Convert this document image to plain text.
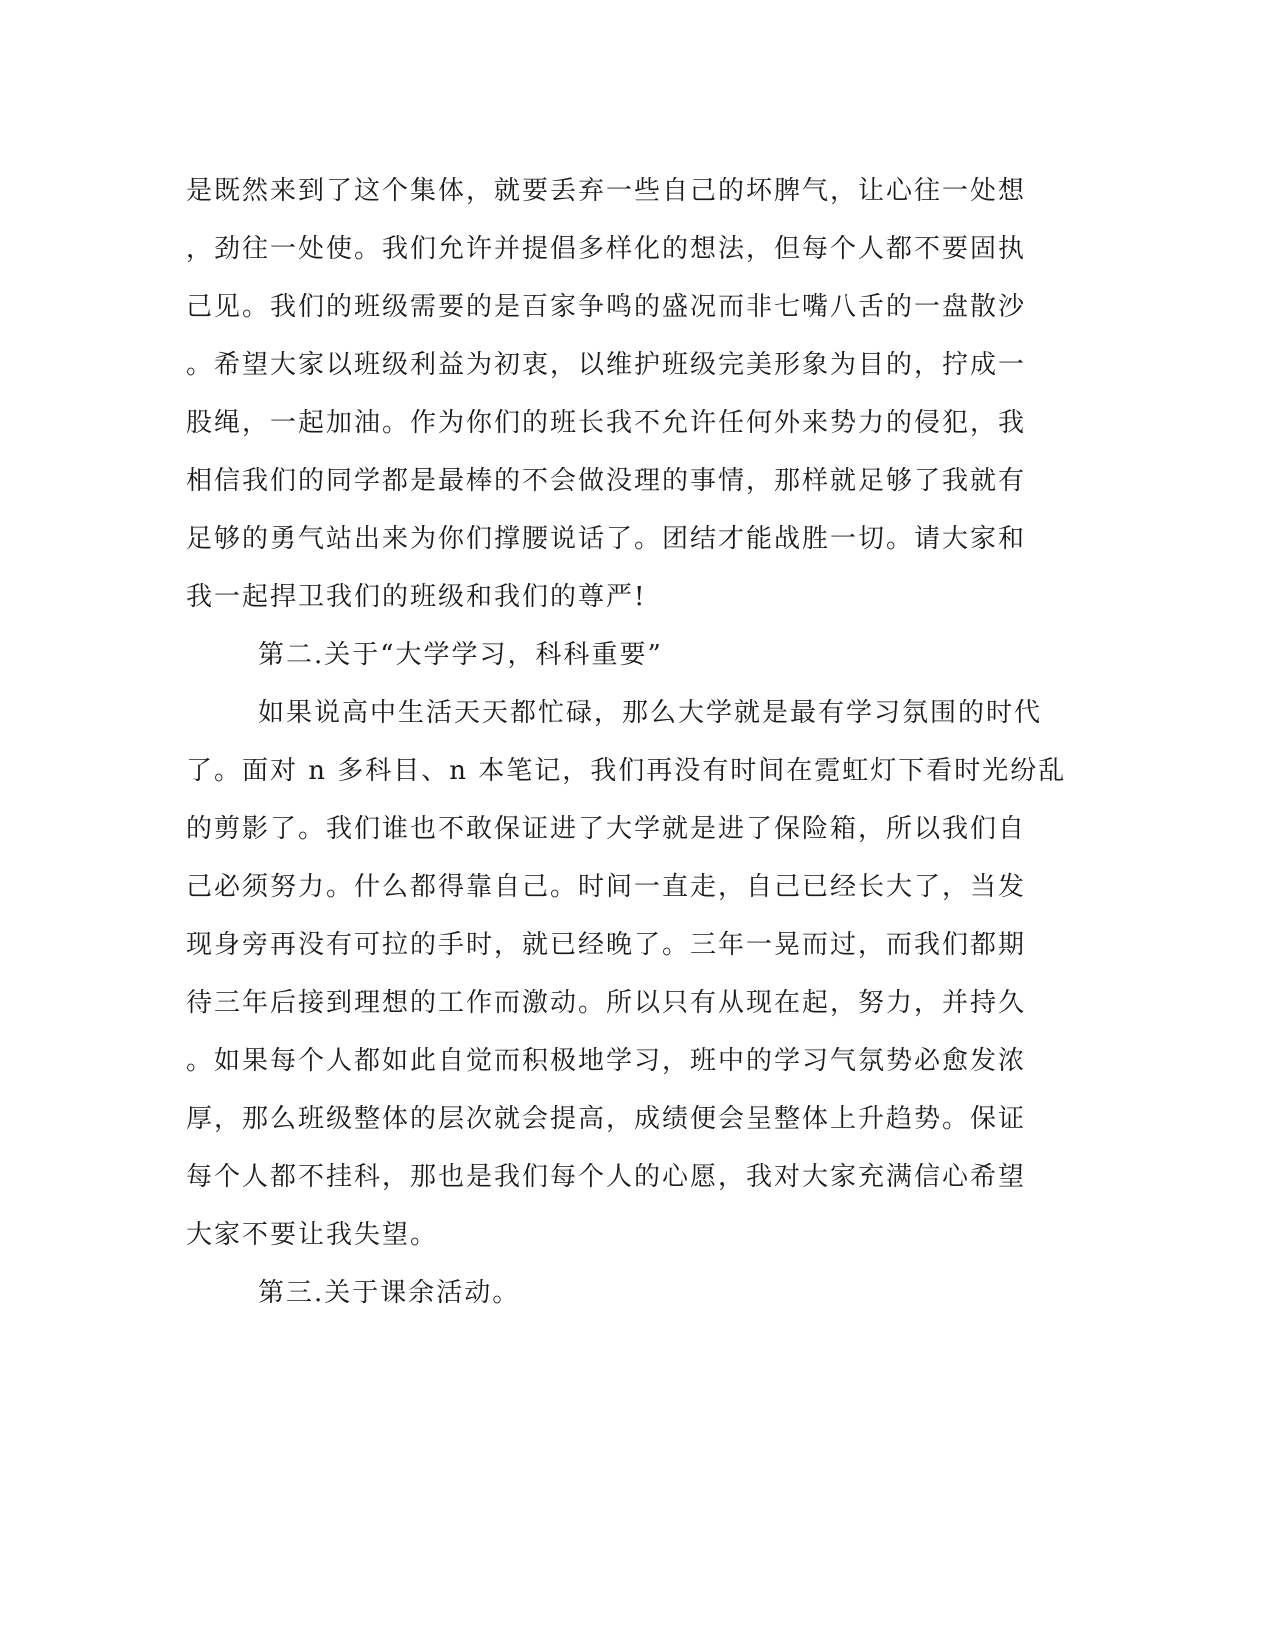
是既然来到了这个集体，就要丢弃一些自己的坏脾气，让心往一处想
，劲往一处使。我们允许并提倡多样化的想法，但每个人都不要固执
己见。我们的班级需要的是百家争鸣的盛况而非七嘴八舌的一盘散沙
。希望大家以班级利益为初衷，以维护班级完美形象为目的，拧成一
股绳，一起加油。作为你们的班长我不允许任何外来势力的侵犯，我
相信我们的同学都是最棒的不会做没理的事情，那样就足够了我就有
足够的勇气站出来为你们撑腰说话了。团结才能战胜一切。请大家和
我一起捍卫我们的班级和我们的尊严!
第二.关于“大学学习，科科重要”
如果说高中生活天天都忙碌，那么大学就是最有学习氛围的时代
了。面对 n 多科目、n 本笔记，我们再没有时间在霓虹灯下看时光纷乱
的剪影了。我们谁也不敢保证进了大学就是进了保险箱，所以我们自
己必须努力。什么都得靠自己。时间一直走，自己已经长大了，当发
现身旁再没有可拉的手时，就已经晚了。三年一晃而过，而我们都期
待三年后接到理想的工作而激动。所以只有从现在起，努力，并持久
。如果每个人都如此自觉而积极地学习，班中的学习气氛势必愈发浓
厚，那么班级整体的层次就会提高，成绩便会呈整体上升趋势。保证
每个人都不挂科，那也是我们每个人的心愿，我对大家充满信心希望
大家不要让我失望。
第三.关于课余活动。
